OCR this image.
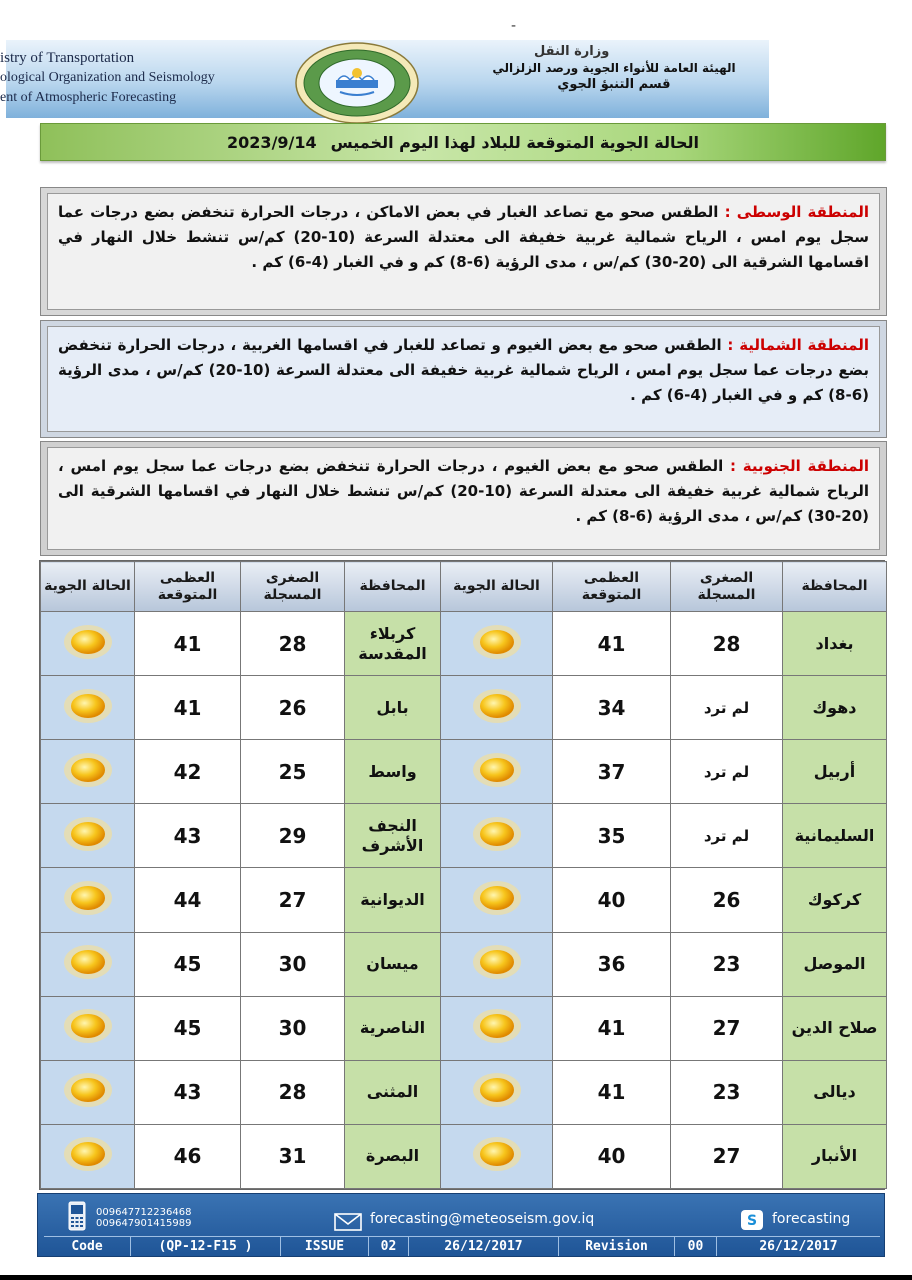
-
istry of Transportation
ological Organization and Seismology
ent of Atmospheric Forecasting
وزارة النقل
الهيئة العامة للأنواء الجوية ورصد الزلزالي
قسم التنبؤ الجوي
الحالة الجوية المتوقعة للبلاد لهذا اليوم الخميس
2023/9/14
المنطقة الوسطى : الطقس صحو مع تصاعد الغبار في بعض الاماكن ، درجات الحرارة تنخفض بضع درجات عما سجل يوم امس ، الرياح شمالية غربية خفيفة الى معتدلة السرعة (10-20) كم/س تنشط خلال النهار في اقسامها الشرقية الى (20-30) كم/س ، مدى الرؤية (6-8) كم و في الغبار (4-6) كم .
المنطقة الشمالية : الطقس صحو مع بعض الغيوم و تصاعد للغبار في اقسامها الغربية ، درجات الحرارة تنخفض بضع درجات عما سجل يوم امس ، الرياح شمالية غربية خفيفة الى معتدلة السرعة (10-20) كم/س ، مدى الرؤية (6-8) كم و في الغبار (4-6) كم .
المنطقة الجنوبية : الطقس صحو مع بعض الغيوم ، درجات الحرارة تنخفض بضع درجات عما سجل يوم امس ، الرياح شمالية غربية خفيفة الى معتدلة السرعة (10-20) كم/س تنشط خلال النهار في اقسامها الشرقية الى (20-30) كم/س ، مدى الرؤية (6-8) كم .
المحافظة	الصغرى المسجلة	العظمى المتوقعة	الحالة الجوية	المحافظة	الصغرى المسجلة	العظمى المتوقعة	الحالة الجوية
بغداد	28	41		كربلاء المقدسة	28	41	
دهوك	لم ترد	34		بابل	26	41	
أربيل	لم ترد	37		واسط	25	42	
السليمانية	لم ترد	35		النجف الأشرف	29	43	
كركوك	26	40		الديوانية	27	44	
الموصل	23	36		ميسان	30	45	
صلاح الدين	27	41		الناصرية	30	45	
ديالى	23	41		المثنى	28	43	
الأنبار	27	40		البصرة	31	46	
009647712236468
009647901415989	forecasting@meteoseism.gov.iq	S forecasting
Code	(QP-12-F15 )	ISSUE	02	26/12/2017	Revision	00	26/12/2017
